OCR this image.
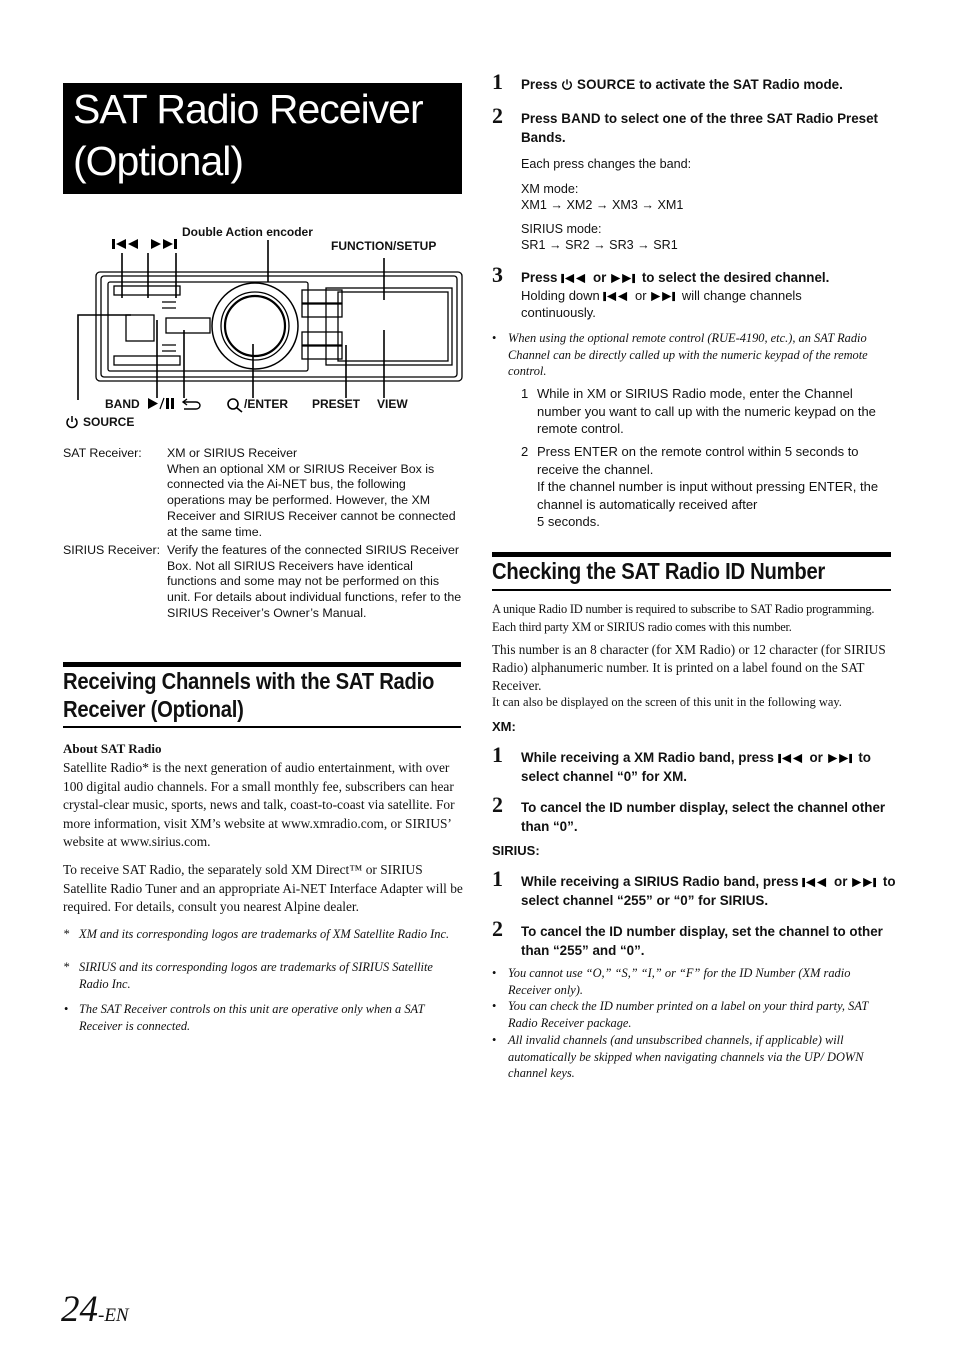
SAT Radio Receiver
(Optional)
Double Action encoder
FUNCTION/SETUP
BAND	/ENTER PRESET VIEW
SOURCE
SAT Receiver: XM or SIRIUS Receiver
When an optional XM or SIRIUS Receiver Box is connected via the Ai-NET bus, the following operations may be performed. However, the XM Receiver and SIRIUS Receiver cannot be connected at the same time.
SIRIUS Receiver: Verify the features of the connected SIRIUS Receiver Box. Not all SIRIUS Receivers have identical functions and some may not be performed on this unit. For details about individual functions, refer to the SIRIUS Receiver’s Owner’s Manual.
Receiving Channels with the SAT Radio
Receiver (Optional)
About SAT Radio
Satellite Radio* is the next generation of audio entertainment, with over 100 digital audio channels. For a small monthly fee, subscribers can hear crystal-clear music, sports, news and talk, coast-to-coast via satellite. For more information, visit XM’s website at www.xmradio.com, or SIRIUS’ website at www.sirius.com.
To receive SAT Radio, the separately sold XM Direct™ or SIRIUS Satellite Radio Tuner and an appropriate Ai-NET Interface Adapter will be required. For details, consult you nearest Alpine dealer.
* XM and its corresponding logos are trademarks of XM Satellite Radio Inc.
* SIRIUS and its corresponding logos are trademarks of SIRIUS Satellite Radio Inc.
• The SAT Receiver controls on this unit are operative only when a SAT Receiver is connected.
24-EN
1 Press SOURCE to activate the SAT Radio mode.
2 Press BAND to select one of the three SAT Radio Preset Bands.
Each press changes the band:
XM mode:
XM1 → XM2 → XM3 → XM1
SIRIUS mode:
SR1 → SR2 → SR3 → SR1
3 Press	or	to select the desired channel.
Holding down	or	will change channels continuously.
• When using the optional remote control (RUE-4190, etc.), an SAT Radio Channel can be directly called up with the numeric keypad of the remote control.
1 While in XM or SIRIUS Radio mode, enter the Channel number you want to call up with the numeric keypad on the remote control.
2 Press ENTER on the remote control within 5 seconds to receive the channel.
If the channel number is input without pressing ENTER, the channel is automatically received after
5 seconds.
Checking the SAT Radio ID Number
A unique Radio ID number is required to subscribe to SAT Radio programming. Each third party XM or SIRIUS radio comes with this number.
This number is an 8 character (for XM Radio) or 12 character (for SIRIUS Radio) alphanumeric number. It is printed on a label found on the SAT Receiver.
It can also be displayed on the screen of this unit in the following way.
XM:
1 While receiving a XM Radio band, press	or	to select channel “0” for XM.
2 To cancel the ID number display, select the channel other than “0”.
SIRIUS:
1 While receiving a SIRIUS Radio band, press	or	to select channel “255” or “0” for SIRIUS.
2 To cancel the ID number display, set the channel to other than “255” and “0”.
• You cannot use “O,” “S,” “I,” or “F” for the ID Number (XM radio Receiver only).
• You can check the ID number printed on a label on your third party, SAT Radio Receiver package.
• All invalid channels (and unsubscribed channels, if applicable) will automatically be skipped when navigating channels via the UP/ DOWN channel keys.
